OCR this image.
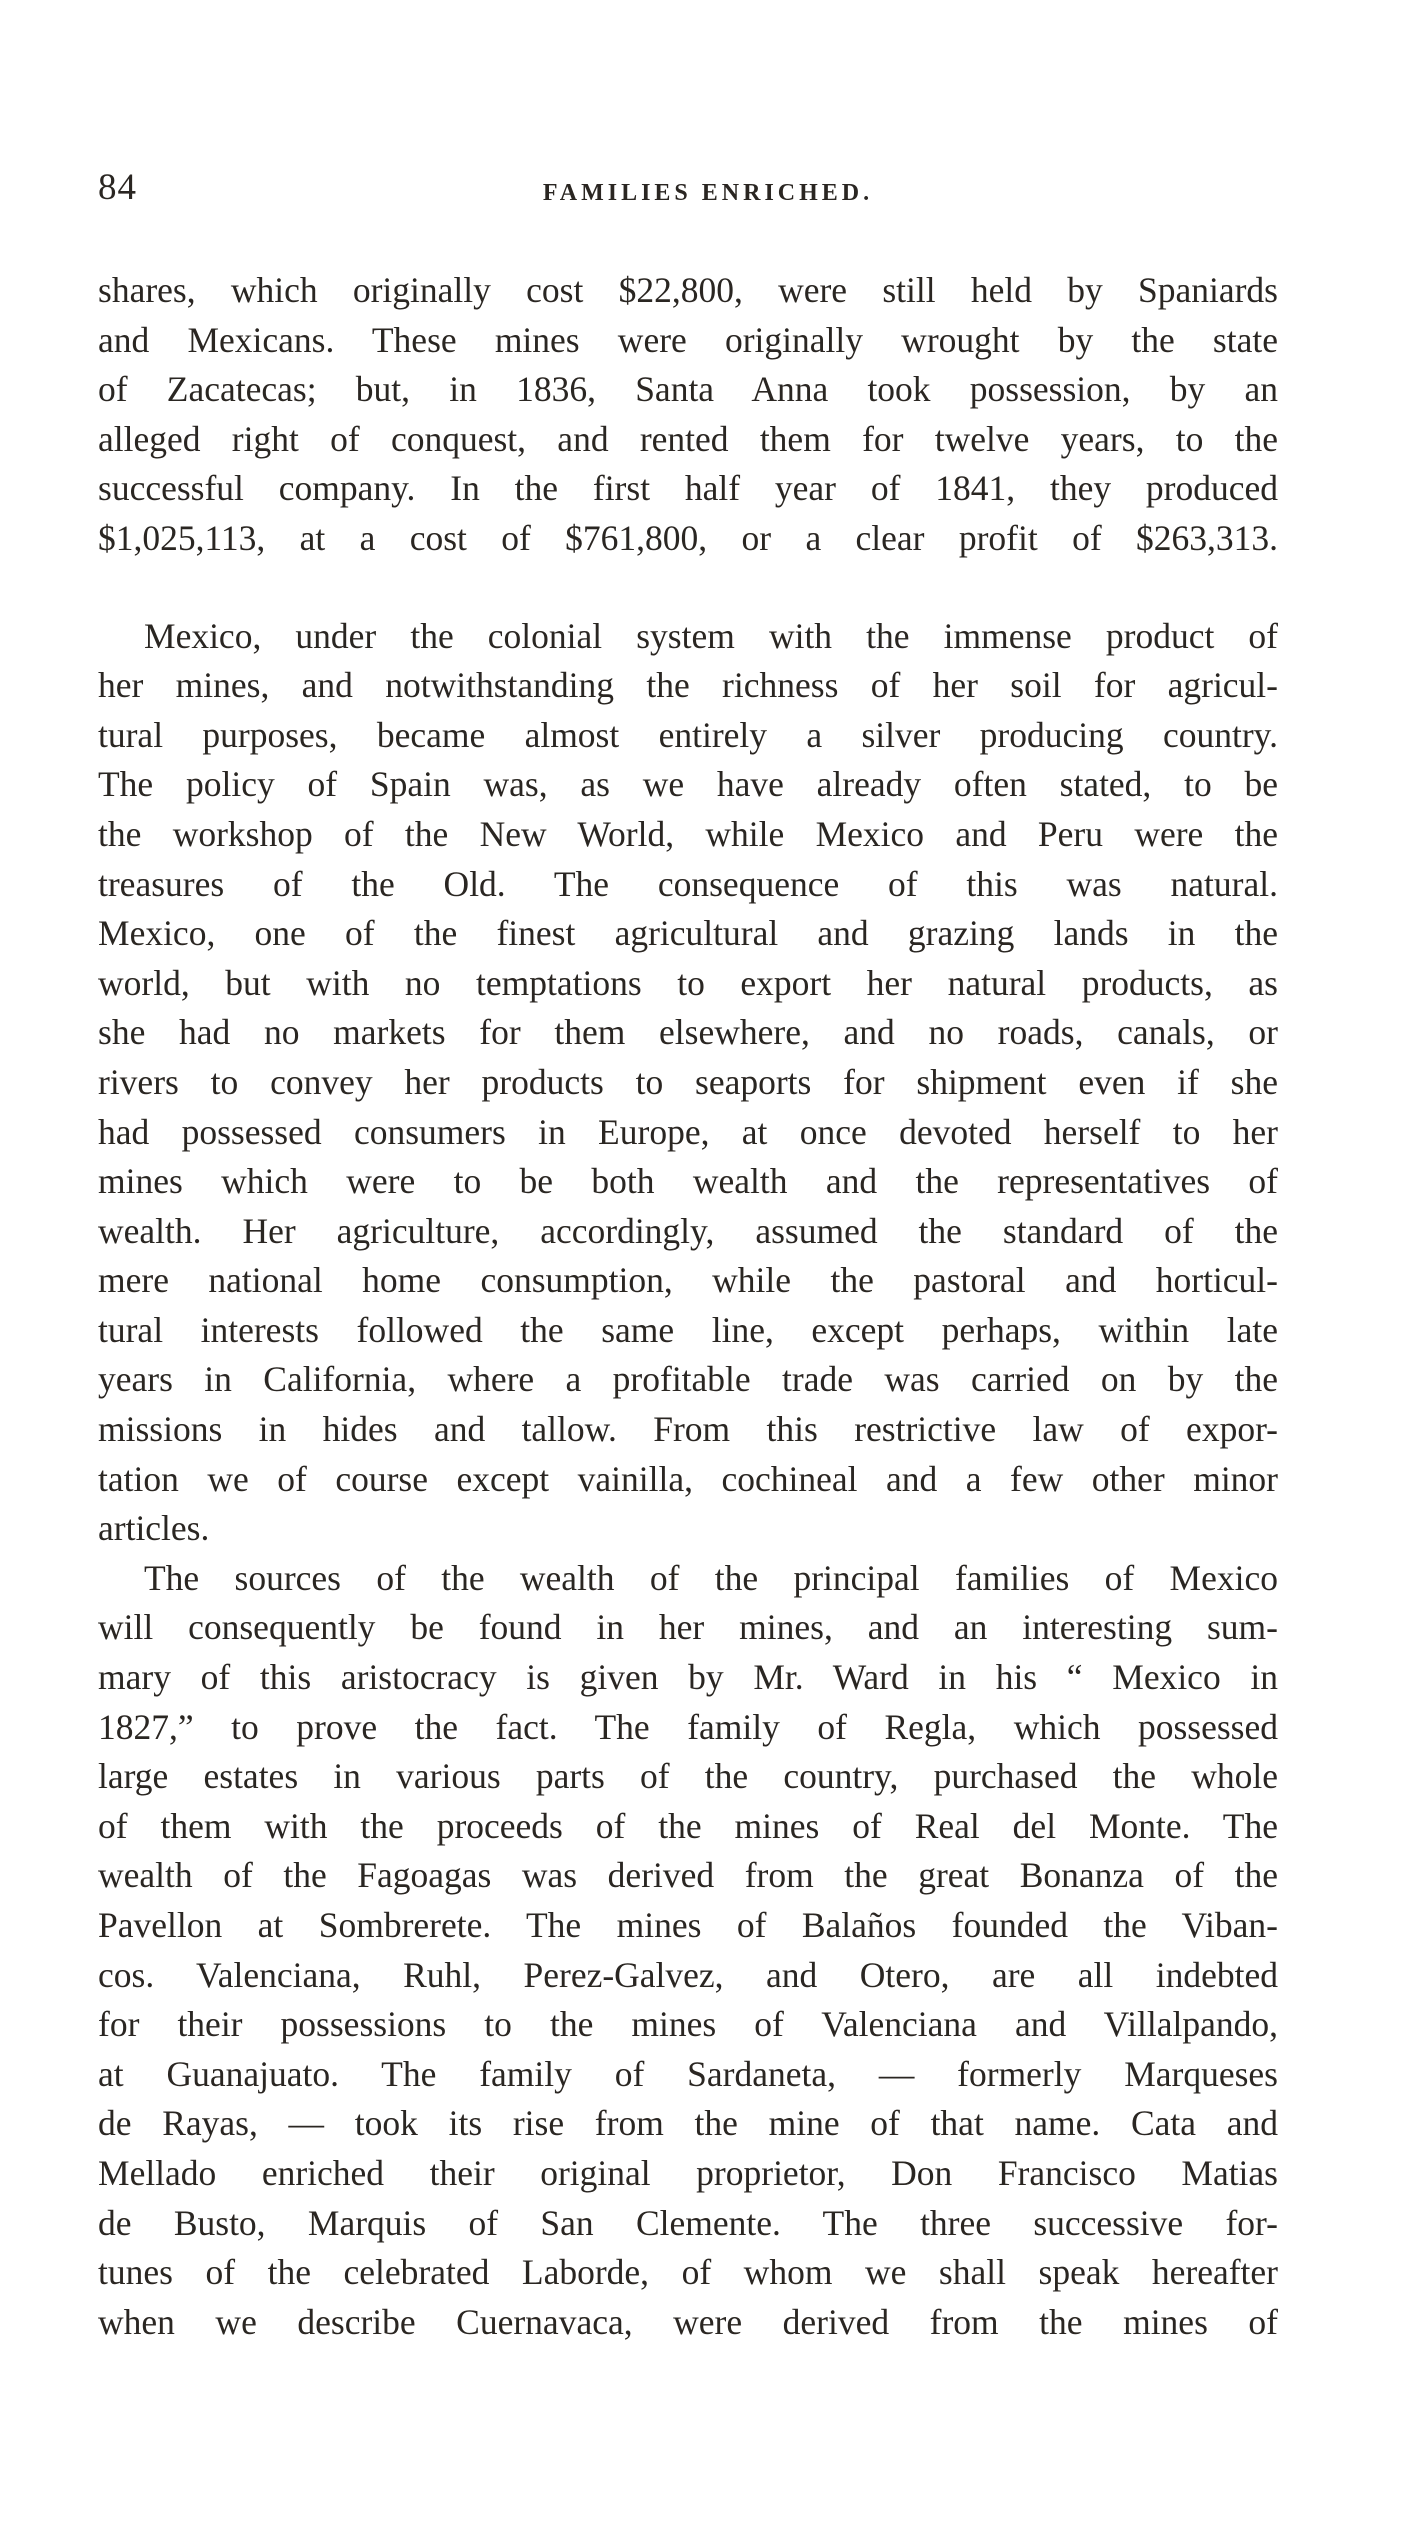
84	FAMILIES ENRICHED.
shares, which originally cost $22,800, were still held by Spaniards
and Mexicans. These mines were originally wrought by the state
of Zacatecas; but, in 1836, Santa Anna took possession, by an
alleged right of conquest, and rented them for twelve years, to the
successful company. In the first half year of 1841, they produced
$1,025,113, at a cost of $761,800, or a clear profit of $263,313.
Mexico, under the colonial system with the immense product of
her mines, and notwithstanding the richness of her soil for agricul-
tural purposes, became almost entirely a silver producing country.
The policy of Spain was, as we have already often stated, to be
the workshop of the New World, while Mexico and Peru were the
treasures of the Old. The consequence of this was natural.
Mexico, one of the finest agricultural and grazing lands in the
world, but with no temptations to export her natural products, as
she had no markets for them elsewhere, and no roads, canals, or
rivers to convey her products to seaports for shipment even if she
had possessed consumers in Europe, at once devoted herself to her
mines which were to be both wealth and the representatives of
wealth. Her agriculture, accordingly, assumed the standard of the
mere national home consumption, while the pastoral and horticul-
tural interests followed the same line, except perhaps, within late
years in California, where a profitable trade was carried on by the
missions in hides and tallow. From this restrictive law of expor-
tation we of course except vainilla, cochineal and a few other minor
articles.
The sources of the wealth of the principal families of Mexico
will consequently be found in her mines, and an interesting sum-
mary of this aristocracy is given by Mr. Ward in his “ Mexico in
1827,” to prove the fact. The family of Regla, which possessed
large estates in various parts of the country, purchased the whole
of them with the proceeds of the mines of Real del Monte. The
wealth of the Fagoagas was derived from the great Bonanza of the
Pavellon at Sombrerete. The mines of Balaños founded the Viban-
cos. Valenciana, Ruhl, Perez-Galvez, and Otero, are all indebted
for their possessions to the mines of Valenciana and Villalpando,
at Guanajuato. The family of Sardaneta, — formerly Marqueses
de Rayas, — took its rise from the mine of that name. Cata and
Mellado enriched their original proprietor, Don Francisco Matias
de Busto, Marquis of San Clemente. The three successive for-
tunes of the celebrated Laborde, of whom we shall speak hereafter
when we describe Cuernavaca, were derived from the mines of
